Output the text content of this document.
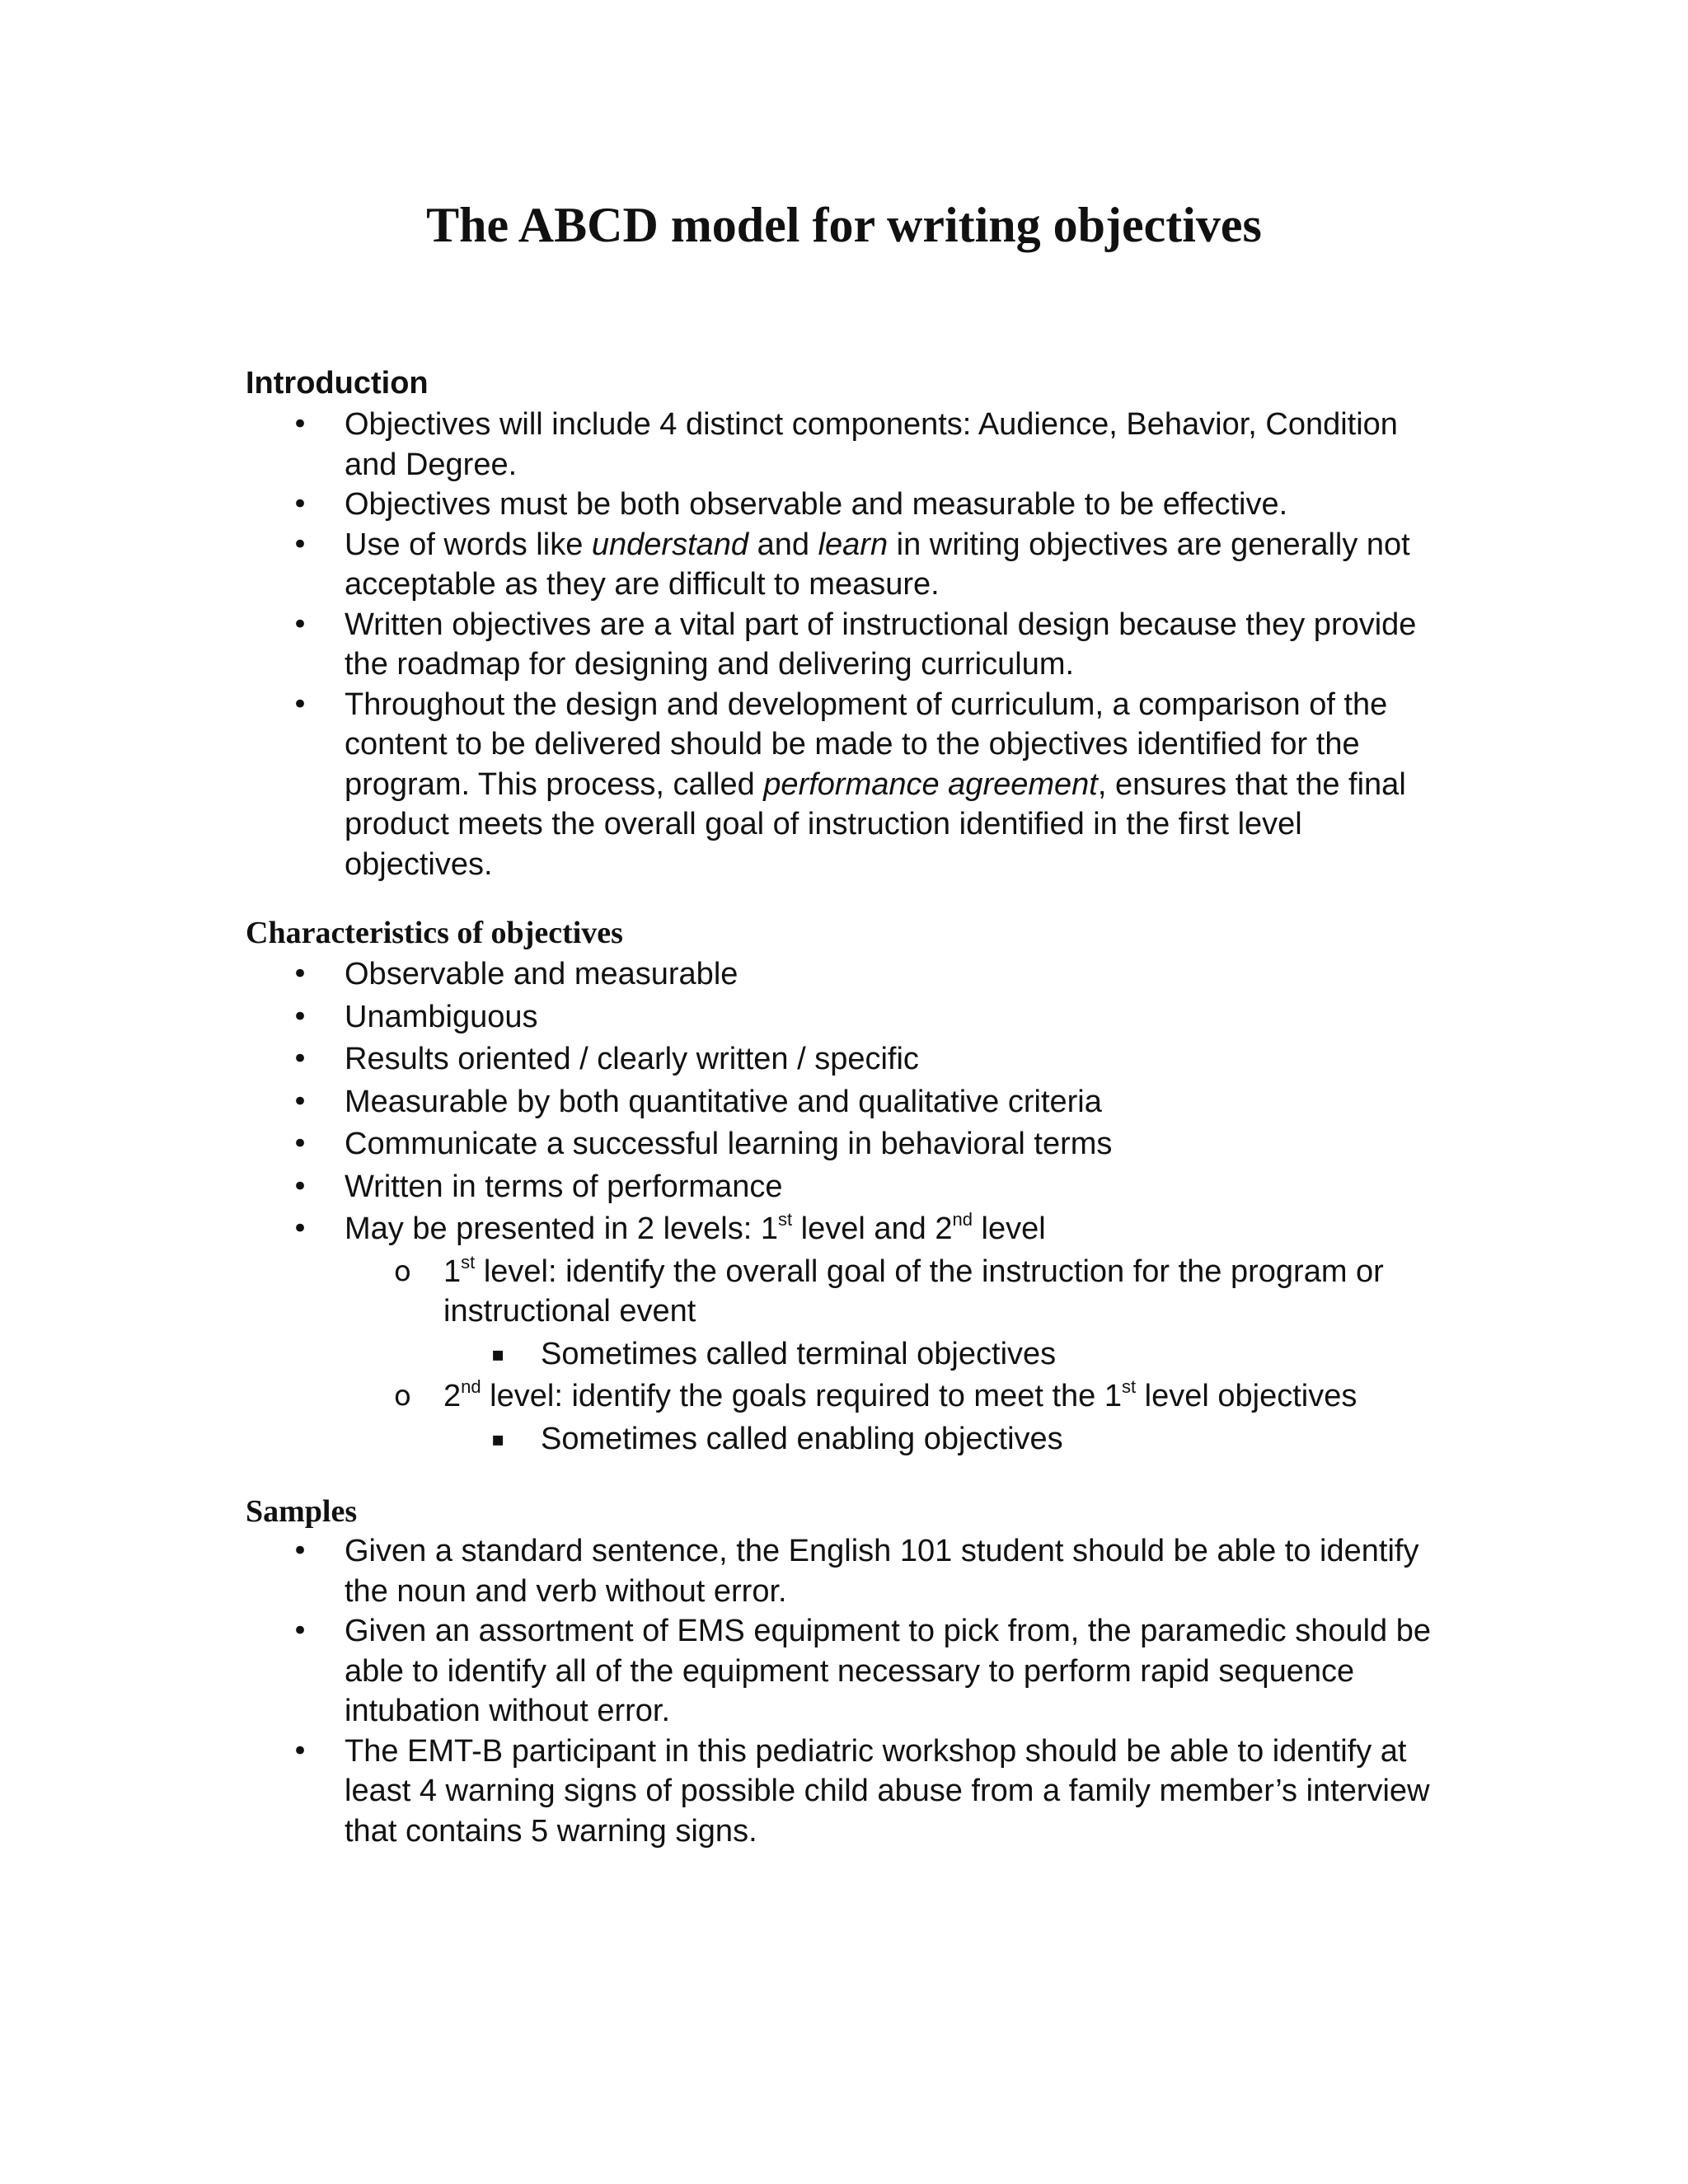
The ABCD model for writing objectives
Introduction
• Objectives will include 4 distinct components: Audience, Behavior, Condition and Degree.
• Objectives must be both observable and measurable to be effective.
• Use of words like understand and learn in writing objectives are generally not acceptable as they are difficult to measure.
• Written objectives are a vital part of instructional design because they provide the roadmap for designing and delivering curriculum.
• Throughout the design and development of curriculum, a comparison of the content to be delivered should be made to the objectives identified for the program. This process, called performance agreement, ensures that the final product meets the overall goal of instruction identified in the first level objectives.
Characteristics of objectives
• Observable and measurable
• Unambiguous
• Results oriented / clearly written / specific
• Measurable by both quantitative and qualitative criteria
• Communicate a successful learning in behavioral terms
• Written in terms of performance
• May be presented in 2 levels: 1st level and 2nd level
o 1st level: identify the overall goal of the instruction for the program or instructional event
▪ Sometimes called terminal objectives
o 2nd level: identify the goals required to meet the 1st level objectives
▪ Sometimes called enabling objectives
Samples
• Given a standard sentence, the English 101 student should be able to identify the noun and verb without error.
• Given an assortment of EMS equipment to pick from, the paramedic should be able to identify all of the equipment necessary to perform rapid sequence intubation without error.
• The EMT-B participant in this pediatric workshop should be able to identify at least 4 warning signs of possible child abuse from a family member’s interview that contains 5 warning signs.
